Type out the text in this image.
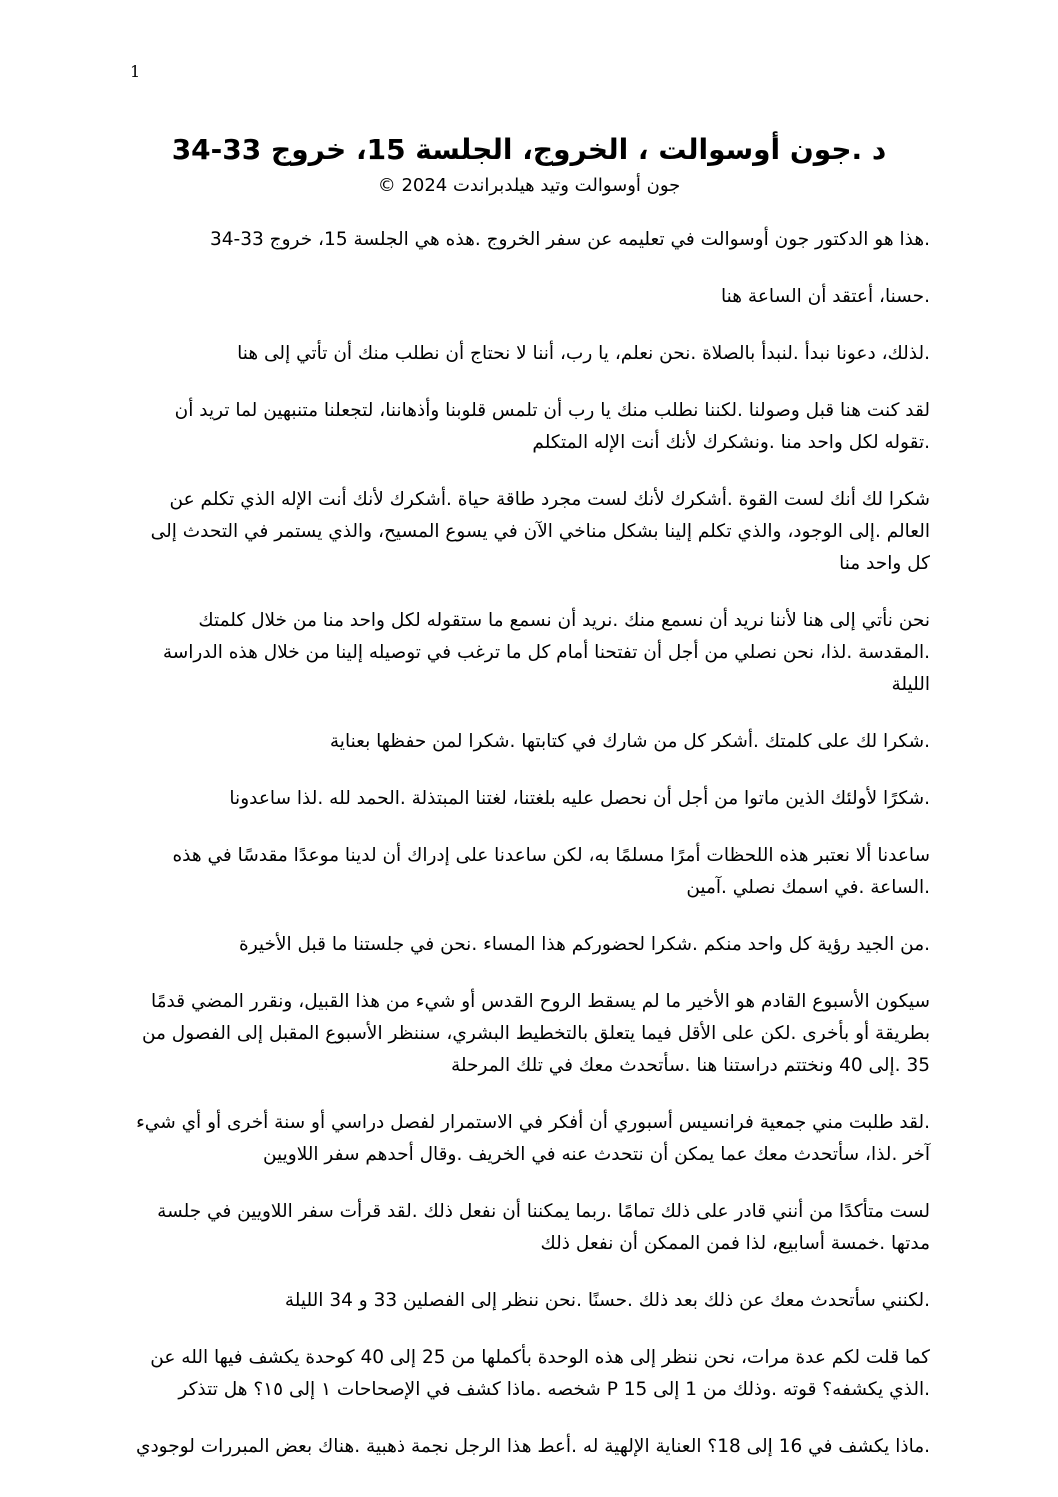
1
د .جون أوسوالت ، الخروج، الجلسة 15، خروج 33-34
جون أوسوالت وتيد هيلدبراندت 2024 ©

.هذا هو الدكتور جون أوسوالت في تعليمه عن سفر الخروج .هذه هي الجلسة 15، خروج 33-34

.حسنا، أعتقد أن الساعة هنا

.لذلك، دعونا نبدأ .لنبدأ بالصلاة .نحن نعلم، يا رب، أننا لا نحتاج أن نطلب منك أن تأتي إلى هنا

لقد كنت هنا قبل وصولنا .لكننا نطلب منك يا رب أن تلمس قلوبنا وأذهاننا، لتجعلنا متنبهين لما تريد أن .تقوله لكل واحد منا .ونشكرك لأنك أنت الإله المتكلم

شكرا لك أنك لست القوة .أشكرك لأنك لست مجرد طاقة حياة .أشكرك لأنك أنت الإله الذي تكلم عن العالم .إلى الوجود، والذي تكلم إلينا بشكل مناخي الآن في يسوع المسيح، والذي يستمر في التحدث إلى كل واحد منا

نحن نأتي إلى هنا لأننا نريد أن نسمع منك .نريد أن نسمع ما ستقوله لكل واحد منا من خلال كلمتك .المقدسة .لذا، نحن نصلي من أجل أن تفتحنا أمام كل ما ترغب في توصيله إلينا من خلال هذه الدراسة الليلة

.شكرا لك على كلمتك .أشكر كل من شارك في كتابتها .شكرا لمن حفظها بعناية

.شكرًا لأولئك الذين ماتوا من أجل أن نحصل عليه بلغتنا، لغتنا المبتذلة .الحمد لله .لذا ساعدونا

ساعدنا ألا نعتبر هذه اللحظات أمرًا مسلمًا به، لكن ساعدنا على إدراك أن لدينا موعدًا مقدسًا في هذه .الساعة .في اسمك نصلي .آمين

.من الجيد رؤية كل واحد منكم .شكرا لحضوركم هذا المساء .نحن في جلستنا ما قبل الأخيرة

سيكون الأسبوع القادم هو الأخير ما لم يسقط الروح القدس أو شيء من هذا القبيل، ونقرر المضي قدمًا بطريقة أو بأخرى .لكن على الأقل فيما يتعلق بالتخطيط البشري، سننظر الأسبوع المقبل إلى الفصول من 35 .إلى 40 ونختتم دراستنا هنا .سأتحدث معك في تلك المرحلة

.لقد طلبت مني جمعية فرانسيس أسبوري أن أفكر في الاستمرار لفصل دراسي أو سنة أخرى أو أي شيء آخر .لذا، سأتحدث معك عما يمكن أن نتحدث عنه في الخريف .وقال أحدهم سفر اللاويين

لست متأكدًا من أنني قادر على ذلك تمامًا .ربما يمكننا أن نفعل ذلك .لقد قرأت سفر اللاويين في جلسة مدتها .خمسة أسابيع، لذا فمن الممكن أن نفعل ذلك

.لكنني سأتحدث معك عن ذلك بعد ذلك .حسنًا .نحن ننظر إلى الفصلين 33 و 34 الليلة

كما قلت لكم عدة مرات، نحن ننظر إلى هذه الوحدة بأكملها من 25 إلى 40 كوحدة يكشف فيها الله عن .الذي يكشفه؟ قوته .وذلك من 1 إلى 15 P شخصه .ماذا كشف في الإصحاحات ١ إلى ١٥؟ هل تتذكر

.ماذا يكشف في 16 إلى 18؟ العناية الإلهية له .أعط هذا الرجل نجمة ذهبية .هناك بعض المبررات لوجودي
